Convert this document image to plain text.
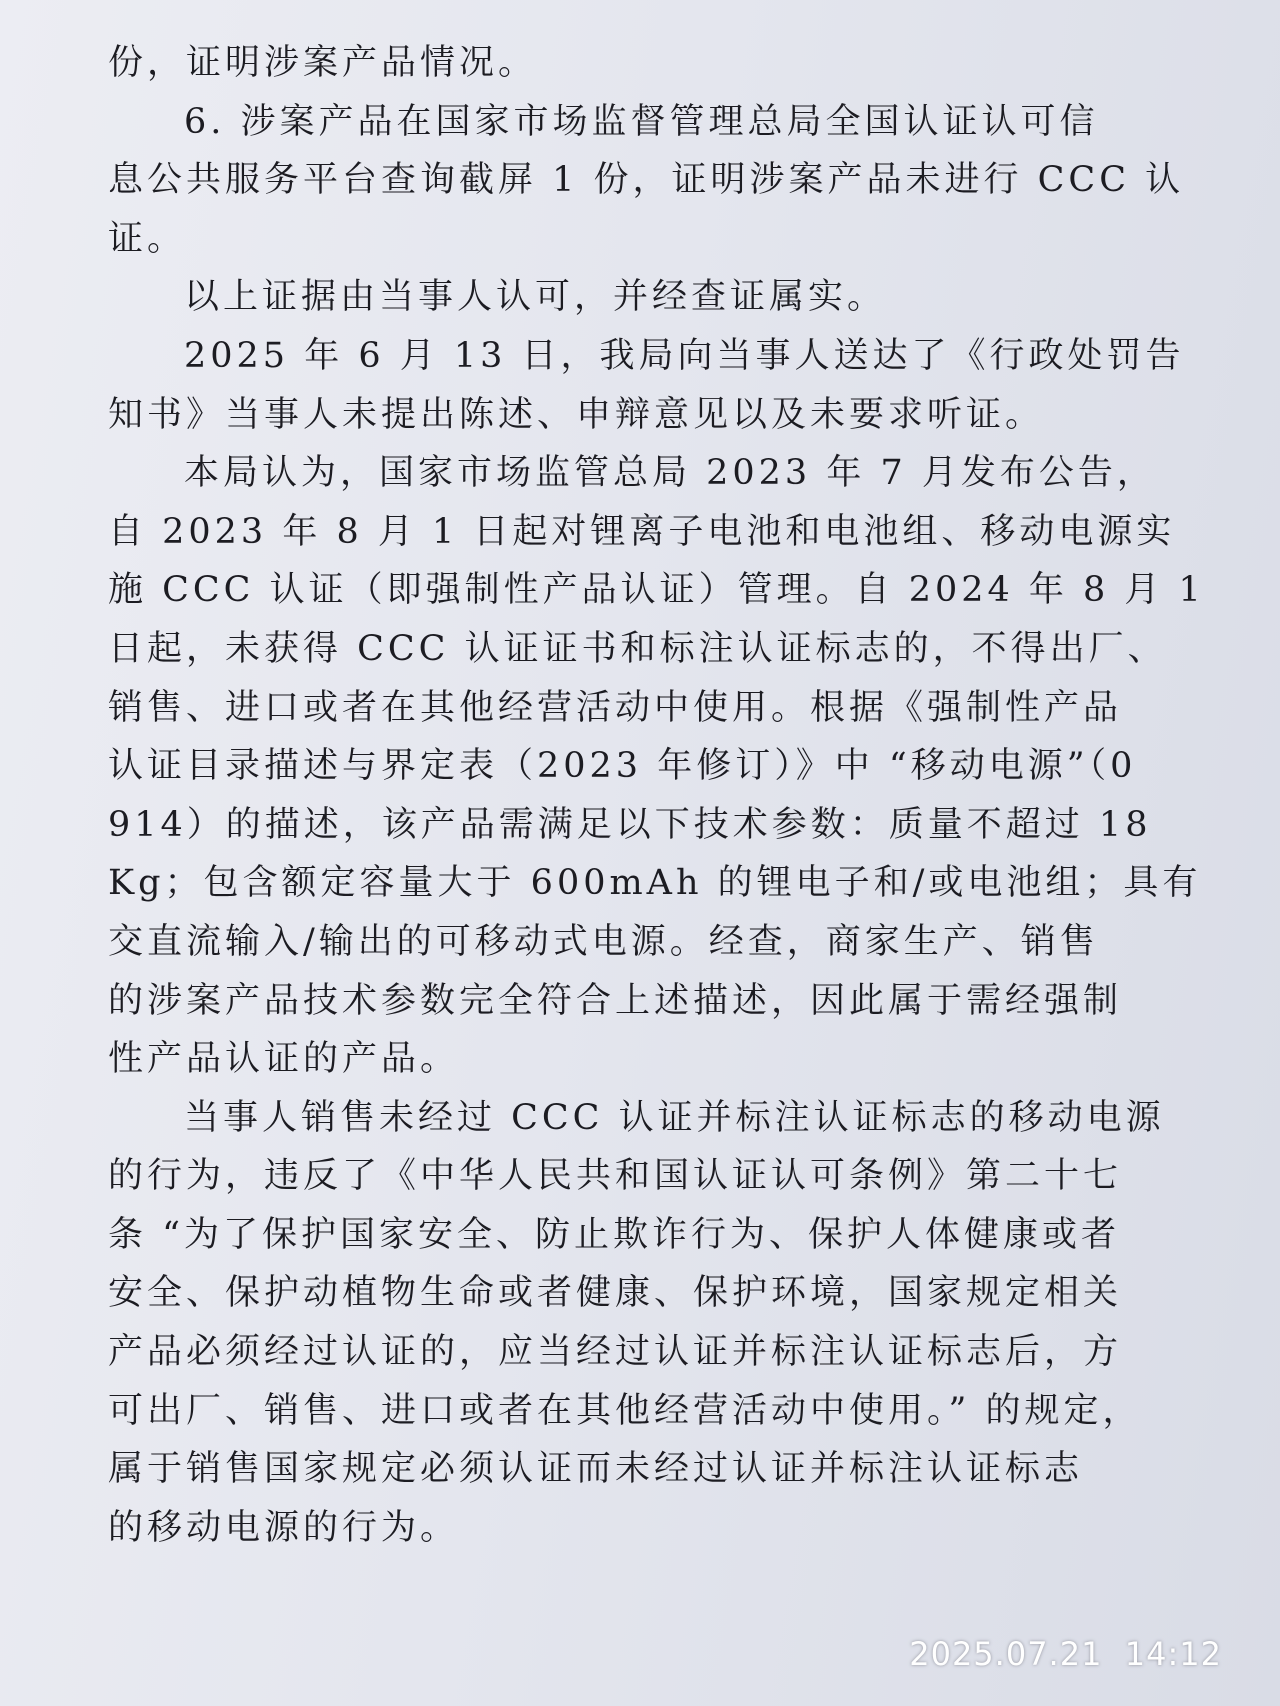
份，证明涉案产品情况。

6. 涉案产品在国家市场监督管理总局全国认证认可信

息公共服务平台查询截屏 1 份，证明涉案产品未进行 CCC 认

证。

以上证据由当事人认可，并经查证属实。

2025 年 6 月 13 日，我局向当事人送达了《行政处罚告

知书》当事人未提出陈述、申辩意见以及未要求听证。

本局认为，国家市场监管总局 2023 年 7 月发布公告，

自 2023 年 8 月 1 日起对锂离子电池和电池组、移动电源实

施 CCC 认证（即强制性产品认证）管理。自 2024 年 8 月 1

日起，未获得 CCC 认证证书和标注认证标志的，不得出厂、

销售、进口或者在其他经营活动中使用。根据《强制性产品

认证目录描述与界定表（2023 年修订）》中 “移动电源”（0

914）的描述，该产品需满足以下技术参数：质量不超过 18

Kg；包含额定容量大于 600mAh 的锂电子和/或电池组；具有

交直流输入/输出的可移动式电源。经查，商家生产、销售

的涉案产品技术参数完全符合上述描述，因此属于需经强制

性产品认证的产品。

当事人销售未经过 CCC 认证并标注认证标志的移动电源

的行为，违反了《中华人民共和国认证认可条例》第二十七

条 “为了保护国家安全、防止欺诈行为、保护人体健康或者

安全、保护动植物生命或者健康、保护环境，国家规定相关

产品必须经过认证的，应当经过认证并标注认证标志后，方

可出厂、销售、进口或者在其他经营活动中使用。” 的规定，

属于销售国家规定必须认证而未经过认证并标注认证标志

的移动电源的行为。

2025.07.21  14:12
